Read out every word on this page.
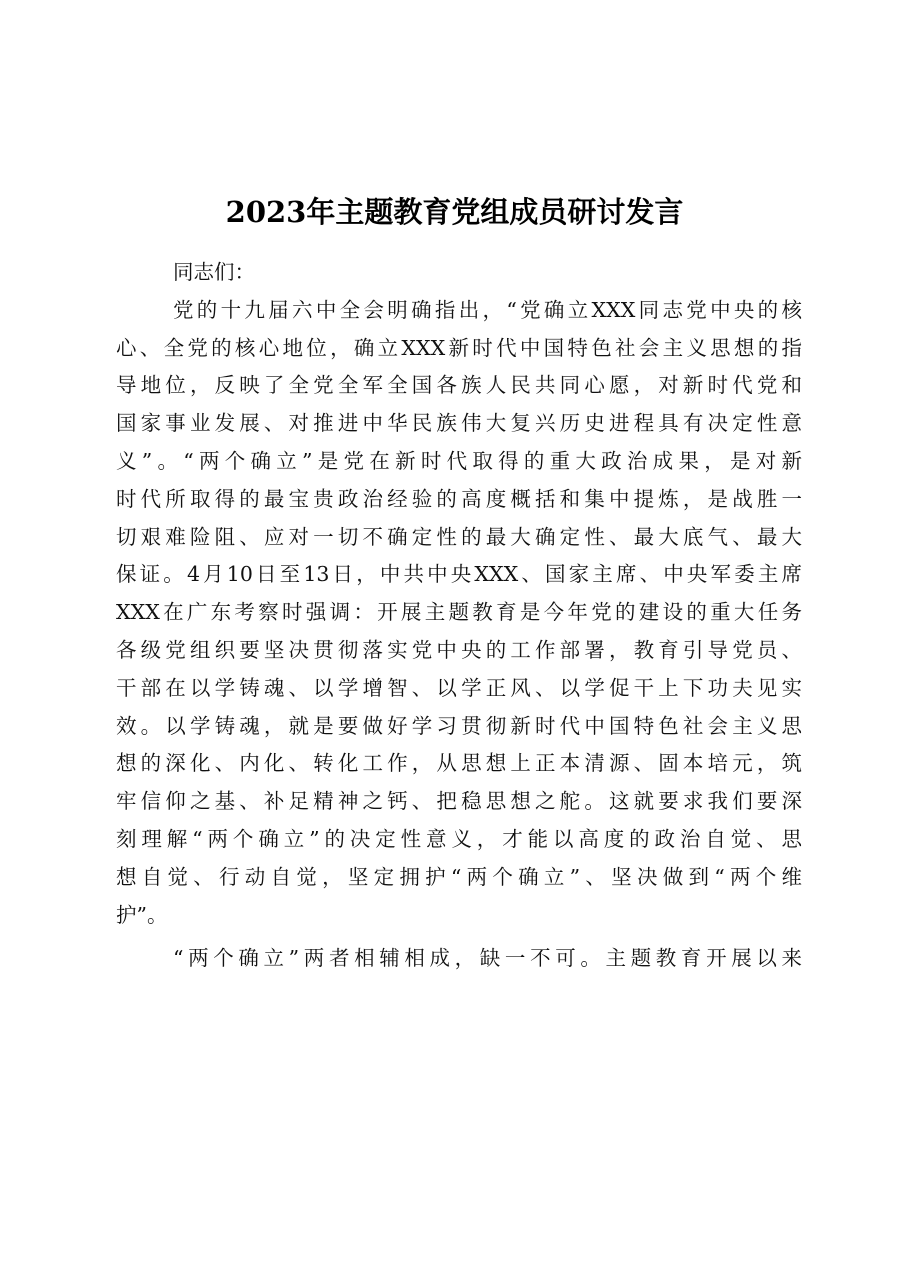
2023年主题教育党组成员研讨发言
同志们：
党的十九届六中全会明确指出，“党确立XXX同志党中央的核
心、全党的核心地位，确立XXX新时代中国特色社会主义思想的指
导地位，反映了全党全军全国各族人民共同心愿，对新时代党和
国家事业发展、对推进中华民族伟大复兴历史进程具有决定性意
义”。“两个确立”是党在新时代取得的重大政治成果，是对新
时代所取得的最宝贵政治经验的高度概括和集中提炼，是战胜一
切艰难险阻、应对一切不确定性的最大确定性、最大底气、最大
保证。4月10日至13日，中共中央XXX、国家主席、中央军委主席
XXX在广东考察时强调：开展主题教育是今年党的建设的重大任务
各级党组织要坚决贯彻落实党中央的工作部署，教育引导党员、
干部在以学铸魂、以学增智、以学正风、以学促干上下功夫见实
效。以学铸魂，就是要做好学习贯彻新时代中国特色社会主义思
想的深化、内化、转化工作，从思想上正本清源、固本培元，筑
牢信仰之基、补足精神之钙、把稳思想之舵。这就要求我们要深
刻理解“两个确立”的决定性意义，才能以高度的政治自觉、思
想自觉、行动自觉，坚定拥护“两个确立”、坚决做到“两个维
护”。
“两个确立”两者相辅相成，缺一不可。主题教育开展以来
